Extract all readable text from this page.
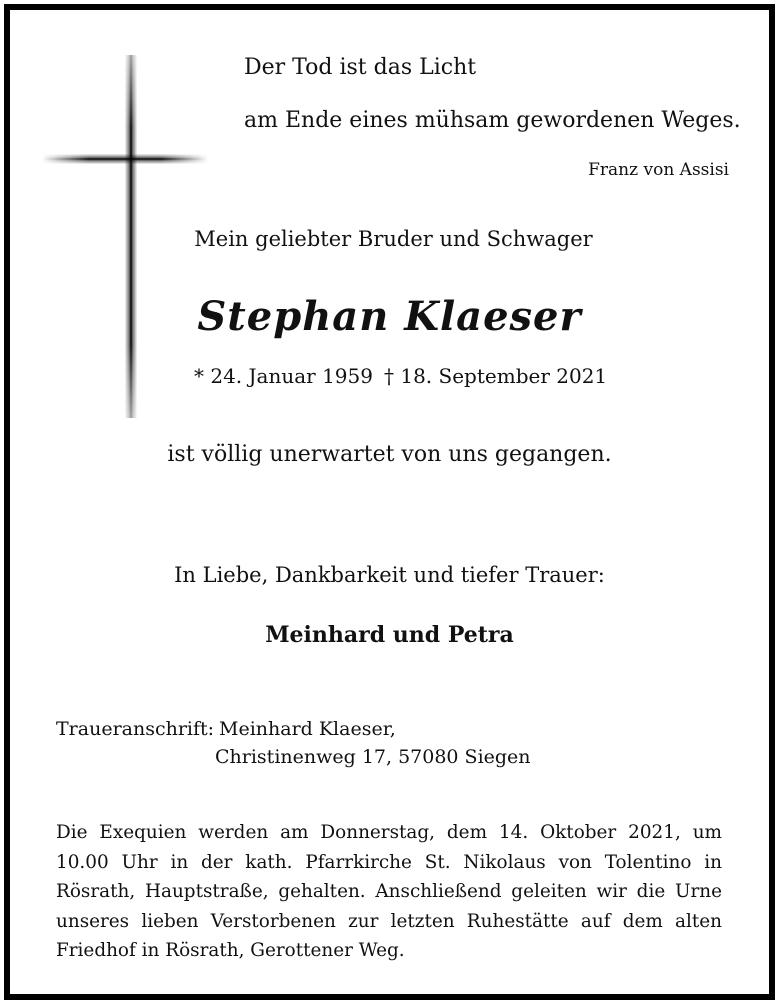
Der Tod ist das Licht
am Ende eines mühsam gewordenen Weges.
Franz von Assisi
Mein geliebter Bruder und Schwager
Stephan Klaeser
* 24. Januar 1959 † 18. September 2021
ist völlig unerwartet von uns gegangen.
In Liebe, Dankbarkeit und tiefer Trauer:
Meinhard und Petra
Traueranschrift: Meinhard Klaeser,
Christinenweg 17, 57080 Siegen
Die Exequien werden am Donnerstag, dem 14. Oktober 2021, um 10.00 Uhr in der kath. Pfarrkirche St. Nikolaus von Tolentino in Rösrath, Hauptstraße, gehalten. Anschließend geleiten wir die Urne unseres lieben Verstorbenen zur letzten Ruhestätte auf dem alten Friedhof in Rösrath, Gerottener Weg.
